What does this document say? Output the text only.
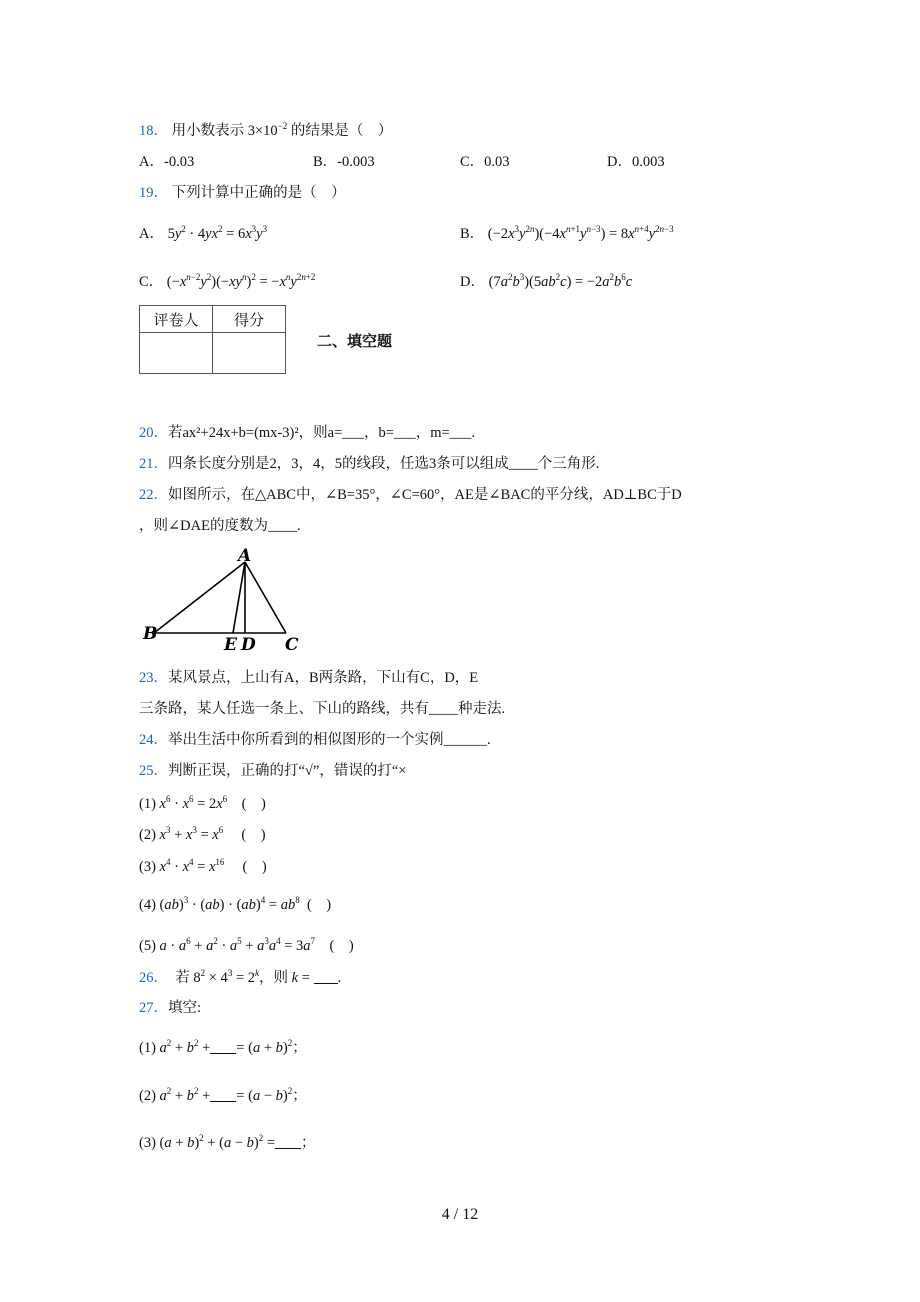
18． 用小数表示 $3\times 10^{-2}$ 的结果是（　）
A．-0.03	B．-0.003	C．0.03	D．0.003
19． 下列计算中正确的是（　）
A． $5y^2 \cdot 4yx^2 = 6x^3y^3$	B． $(-2x^3y^{2n})(-4x^{n+1}y^{n-3}) = 8x^{n+4}y^{2n-3}$
C． $(-x^{n-2}y^2)(-xy^n)^2 = -x^ny^{2n+2}$	D． $(7a^2b^3)(5ab^2c) = -2a^2b^6c$
评卷人	得分

二、填空题
20．若ax²+24x+b=(mx-3)²，则a=___，b=___，m=___.
21．四条长度分别是2，3，4，5的线段，任选3条可以组成____个三角形.
22．如图所示，在△ABC中，∠B=35°，∠C=60°，AE是∠BAC的平分线，AD⊥BC于D
，则∠DAE的度数为____.
A
B
E D C
23．某风景点，上山有A，B两条路，下山有C，D，E
三条路，某人任选一条上、下山的路线，共有____种走法.
24．举出生活中你所看到的相似图形的一个实例______.
25．判断正误，正确的打“√”，错误的打“×
(1) $x^6 \cdot x^6 = 2x^6$ (　)
(2) $x^3 + x^3 = x^6$ (　)
(3) $x^4 \cdot x^4 = x^{16}$ (　)
(4) $(ab)^3 \cdot (ab) \cdot (ab)^4 = ab^8$ (　)
(5) $a \cdot a^6 + a^2 \cdot a^5 + a^3a^4 = 3a^7$ (　)
26． 若 $8^2 \times 4^3 = 2^k$，则 k = .
27．填空:
(1) $a^2 + b^2$ + = $(a + b)^2$；
(2) $a^2 + b^2$ + = $(a - b)^2$；
(3) $(a + b)^2 + (a - b)^2$ = ；
4 / 12
